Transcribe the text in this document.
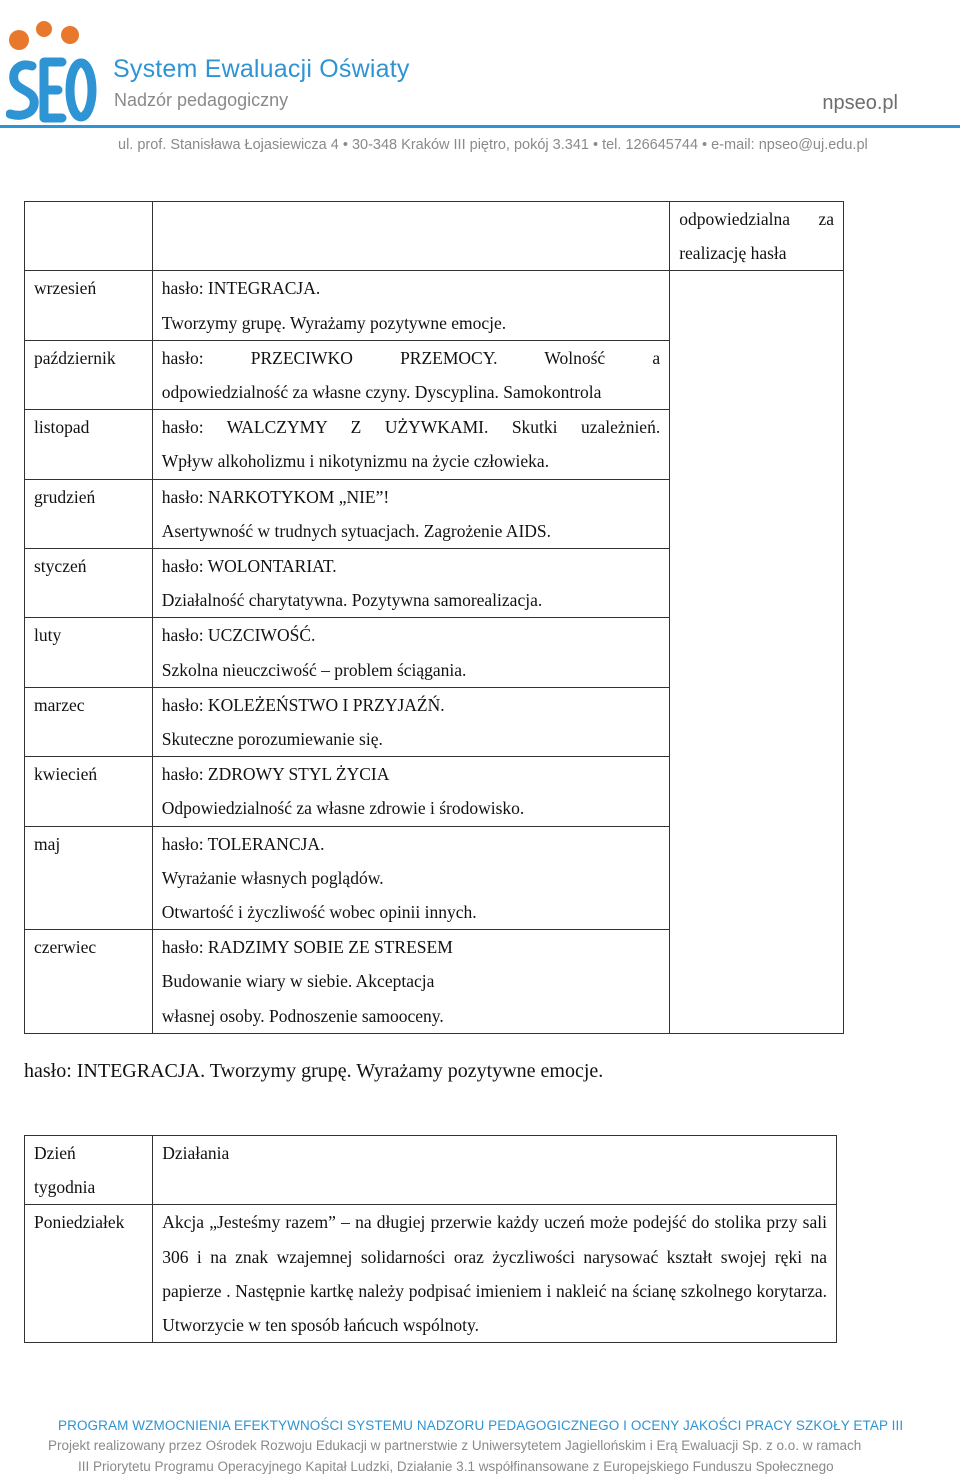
System Ewaluacji Oświaty
Nadzór pedagogiczny	npseo.pl
ul. prof. Stanisława Łojasiewicza 4 • 30-348 Kraków III piętro, pokój 3.341 • tel. 126645744 • e-mail: npseo@uj.edu.pl

		odpowiedzialna za
realizację hasła

wrzesień	hasło: INTEGRACJA.
Tworzymy grupę. Wyrażamy pozytywne emocje.	

październik	hasło: PRZECIWKO PRZEMOCY. Wolność a
odpowiedzialność za własne czyny. Dyscyplina. Samokontrola	

listopad	hasło: WALCZYMY Z UŻYWKAMI. Skutki uzależnień.
Wpływ alkoholizmu i nikotynizmu na życie człowieka.	

grudzień	hasło: NARKOTYKOM „NIE”!
Asertywność w trudnych sytuacjach. Zagrożenie AIDS.	

styczeń	hasło: WOLONTARIAT.
Działalność charytatywna. Pozytywna samorealizacja.	

luty	hasło: UCZCIWOŚĆ.
Szkolna nieuczciwość – problem ściągania.	

marzec	hasło: KOLEŻEŃSTWO I PRZYJAŹŃ.
Skuteczne porozumiewanie się.	

kwiecień	hasło: ZDROWY STYL ŻYCIA
Odpowiedzialność za własne zdrowie i środowisko.	

maj	hasło: TOLERANCJA.
Wyrażanie własnych poglądów.
Otwartość i życzliwość wobec opinii innych.	

czerwiec	hasło: RADZIMY SOBIE ZE STRESEM
Budowanie wiary w siebie. Akceptacja
własnej osoby. Podnoszenie samooceny.	
hasło: INTEGRACJA. Tworzymy grupę. Wyrażamy pozytywne emocje.
Dzień
tygodnia	Działania
Poniedziałek	Akcja „Jesteśmy razem” – na długiej przerwie każdy uczeń może podejść do stolika przy sali 306 i na znak wzajemnej solidarności oraz życzliwości narysować kształt swojej ręki na papierze . Następnie kartkę należy podpisać imieniem i nakleić na ścianę szkolnego korytarza. Utworzycie w ten sposób łańcuch wspólnoty.
PROGRAM WZMOCNIENIA EFEKTYWNOŚCI SYSTEMU NADZORU PEDAGOGICZNEGO I OCENY JAKOŚCI PRACY SZKOŁY ETAP III
Projekt realizowany przez Ośrodek Rozwoju Edukacji w partnerstwie z Uniwersytetem Jagiellońskim i Erą Ewaluacji Sp. z o.o. w ramach
III Priorytetu Programu Operacyjnego Kapitał Ludzki, Działanie 3.1 współfinansowane z Europejskiego Funduszu Społecznego
